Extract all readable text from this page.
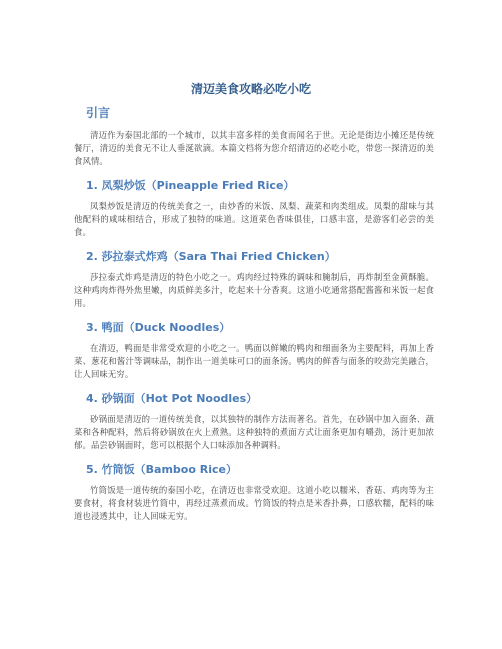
清迈美食攻略必吃小吃
引言

清迈作为泰国北部的一个城市，以其丰富多样的美食而闻名于世。无论是街边小摊还是传统餐厅，清迈的美食无不让人垂涎欲滴。本篇文档将为您介绍清迈的必吃小吃，带您一探清迈的美食风情。

1. 凤梨炒饭（Pineapple Fried Rice）

凤梨炒饭是清迈的传统美食之一，由炒香的米饭、凤梨、蔬菜和肉类组成。凤梨的甜味与其他配料的咸味相结合，形成了独特的味道。这道菜色香味俱佳，口感丰富，是游客们必尝的美食。

2. 莎拉泰式炸鸡（Sara Thai Fried Chicken）

莎拉泰式炸鸡是清迈的特色小吃之一。鸡肉经过特殊的调味和腌制后，再炸制至金黄酥脆。这种鸡肉炸得外焦里嫩，肉质鲜美多汁，吃起来十分香爽。这道小吃通常搭配酱酱和米饭一起食用。

3. 鸭面（Duck Noodles）

在清迈，鸭面是非常受欢迎的小吃之一。鸭面以鲜嫩的鸭肉和细面条为主要配料，再加上香菜、葱花和酱汁等调味品，制作出一道美味可口的面条汤。鸭肉的鲜香与面条的咬劲完美融合，让人回味无穷。

4. 砂锅面（Hot Pot Noodles）

砂锅面是清迈的一道传统美食，以其独特的制作方法而著名。首先，在砂锅中加入面条、蔬菜和各种配料，然后将砂锅放在火上煮熟。这种独特的煮面方式让面条更加有嚼劲，汤汁更加浓郁。品尝砂锅面时，您可以根据个人口味添加各种调料。

5. 竹筒饭（Bamboo Rice）

竹筒饭是一道传统的泰国小吃，在清迈也非常受欢迎。这道小吃以糯米、香菇、鸡肉等为主要食材，将食材装进竹筒中，再经过蒸煮而成。竹筒饭的特点是米香扑鼻，口感软糯，配料的味道也浸透其中，让人回味无穷。
